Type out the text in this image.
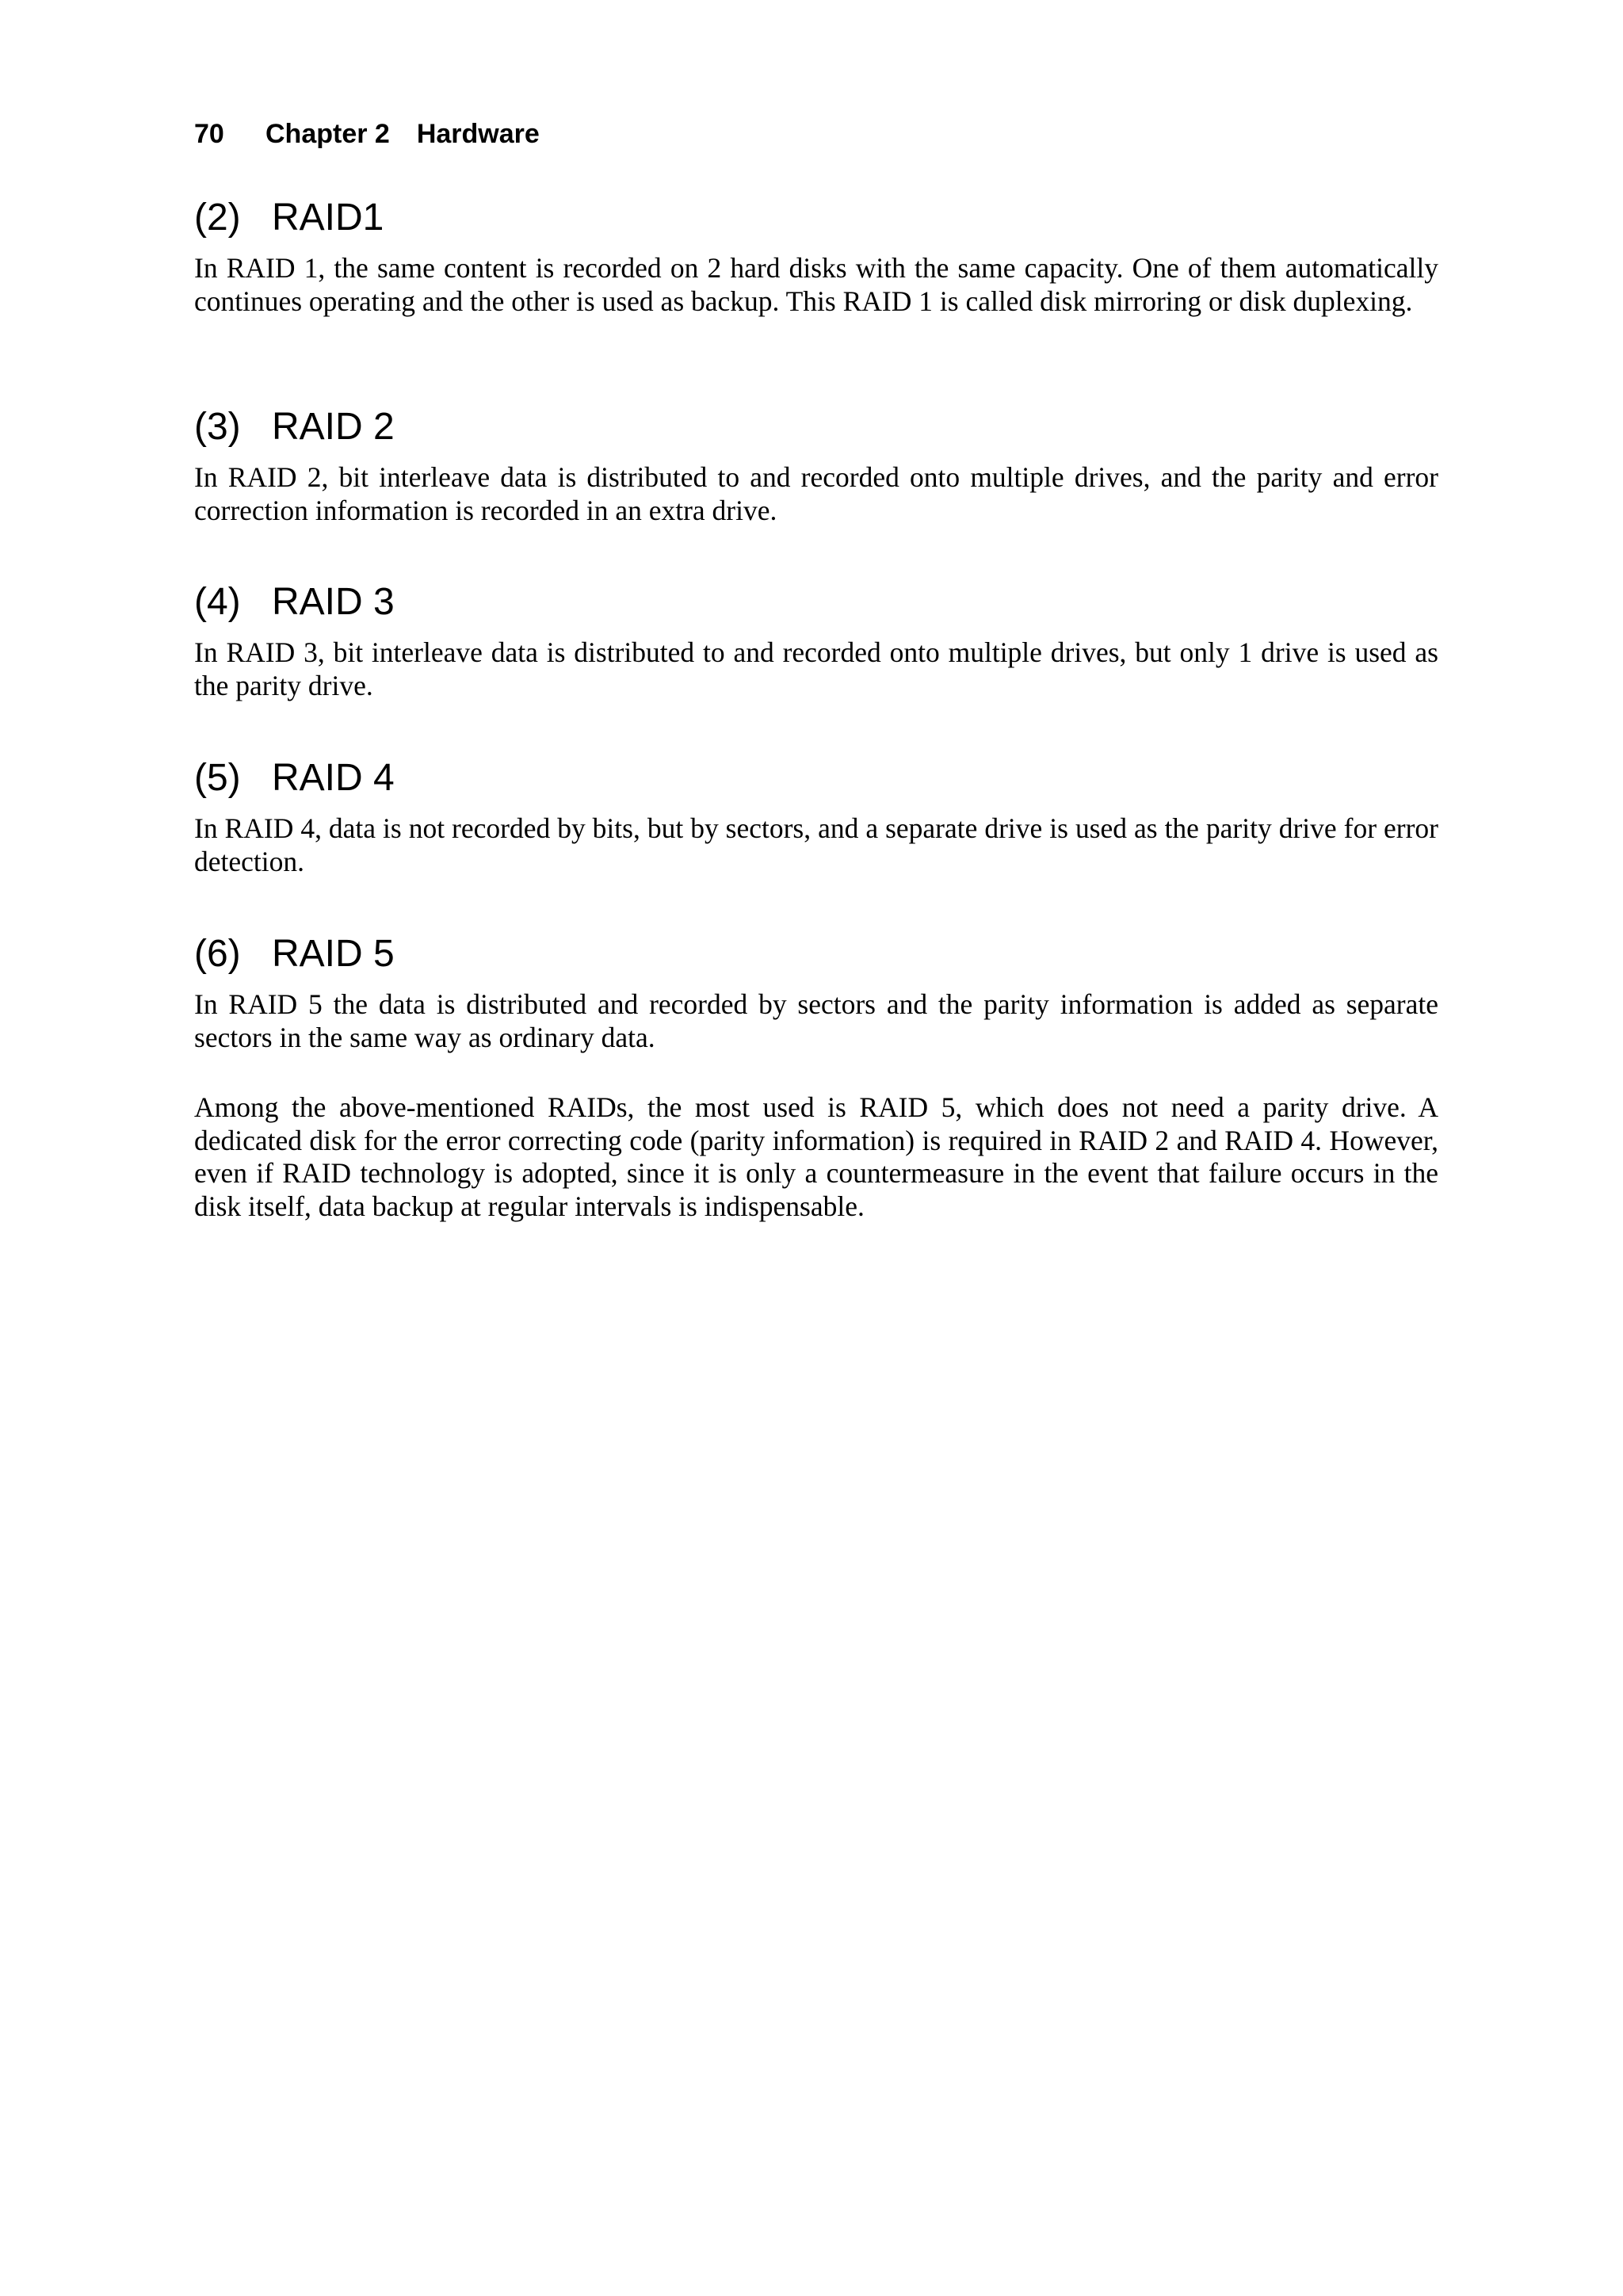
70 Chapter 2 Hardware
(2) RAID1

In RAID 1, the same content is recorded on 2 hard disks with the same capacity. One of them automatically continues operating and the other is used as backup. This RAID 1 is called disk mirroring or disk duplexing.

(3) RAID 2

In RAID 2, bit interleave data is distributed to and recorded onto multiple drives, and the parity and error correction information is recorded in an extra drive.

(4) RAID 3

In RAID 3, bit interleave data is distributed to and recorded onto multiple drives, but only 1 drive is used as the parity drive.

(5) RAID 4

In RAID 4, data is not recorded by bits, but by sectors, and a separate drive is used as the parity drive for error detection.

(6) RAID 5

In RAID 5 the data is distributed and recorded by sectors and the parity information is added as separate sectors in the same way as ordinary data.

Among the above-mentioned RAIDs, the most used is RAID 5, which does not need a parity drive. A dedicated disk for the error correcting code (parity information) is required in RAID 2 and RAID 4. However, even if RAID technology is adopted, since it is only a countermeasure in the event that failure occurs in the disk itself, data backup at regular intervals is indispensable.
